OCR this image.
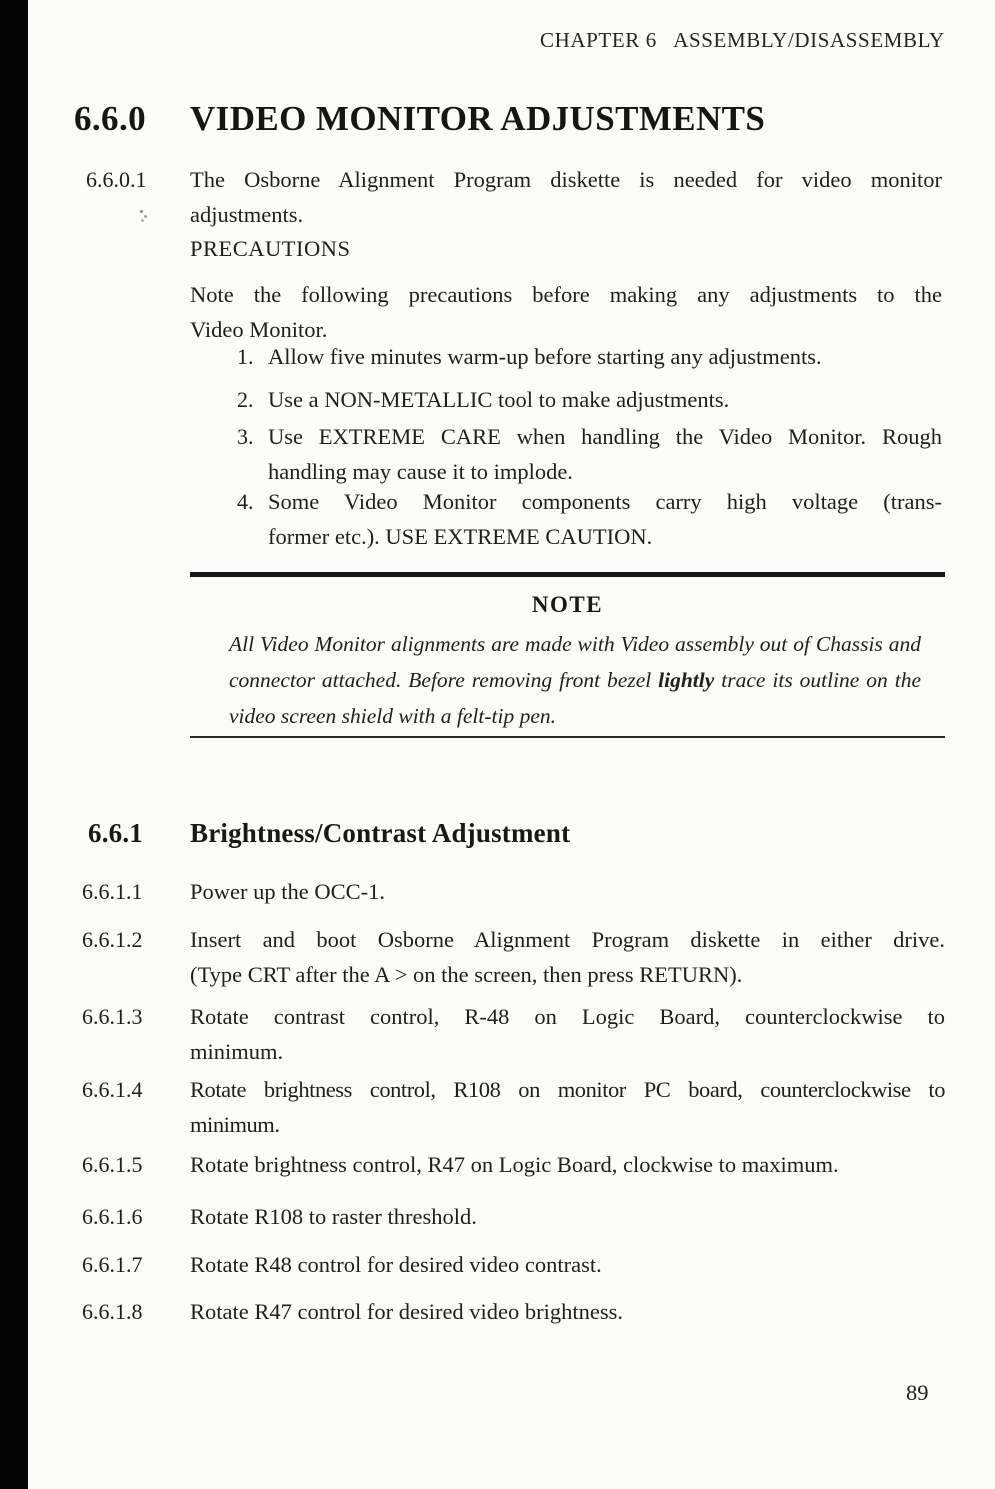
CHAPTER 6   ASSEMBLY/DISASSEMBLY
6.6.0 VIDEO MONITOR ADJUSTMENTS
6.6.0.1 The Osborne Alignment Program diskette is needed for video monitor
adjustments.
PRECAUTIONS
Note the following precautions before making any adjustments to the
Video Monitor.
1. Allow five minutes warm-up before starting any adjustments.
2. Use a NON-METALLIC tool to make adjustments.
3. Use EXTREME CARE when handling the Video Monitor. Rough
handling may cause it to implode.
4. Some Video Monitor components carry high voltage (trans-
former etc.). USE EXTREME CAUTION.
NOTE
All Video Monitor alignments are made with Video assembly out of Chassis and
connector attached. Before removing front bezel lightly trace its outline on the
video screen shield with a felt-tip pen.
6.6.1 Brightness/Contrast Adjustment
6.6.1.1 Power up the OCC-1.
6.6.1.2 Insert and boot Osborne Alignment Program diskette in either drive.
(Type CRT after the A > on the screen, then press RETURN).
6.6.1.3 Rotate contrast control, R-48 on Logic Board, counterclockwise to
minimum.
6.6.1.4 Rotate brightness control, R108 on monitor PC board, counterclockwise to
minimum.
6.6.1.5 Rotate brightness control, R47 on Logic Board, clockwise to maximum.
6.6.1.6 Rotate R108 to raster threshold.
6.6.1.7 Rotate R48 control for desired video contrast.
6.6.1.8 Rotate R47 control for desired video brightness.
89
